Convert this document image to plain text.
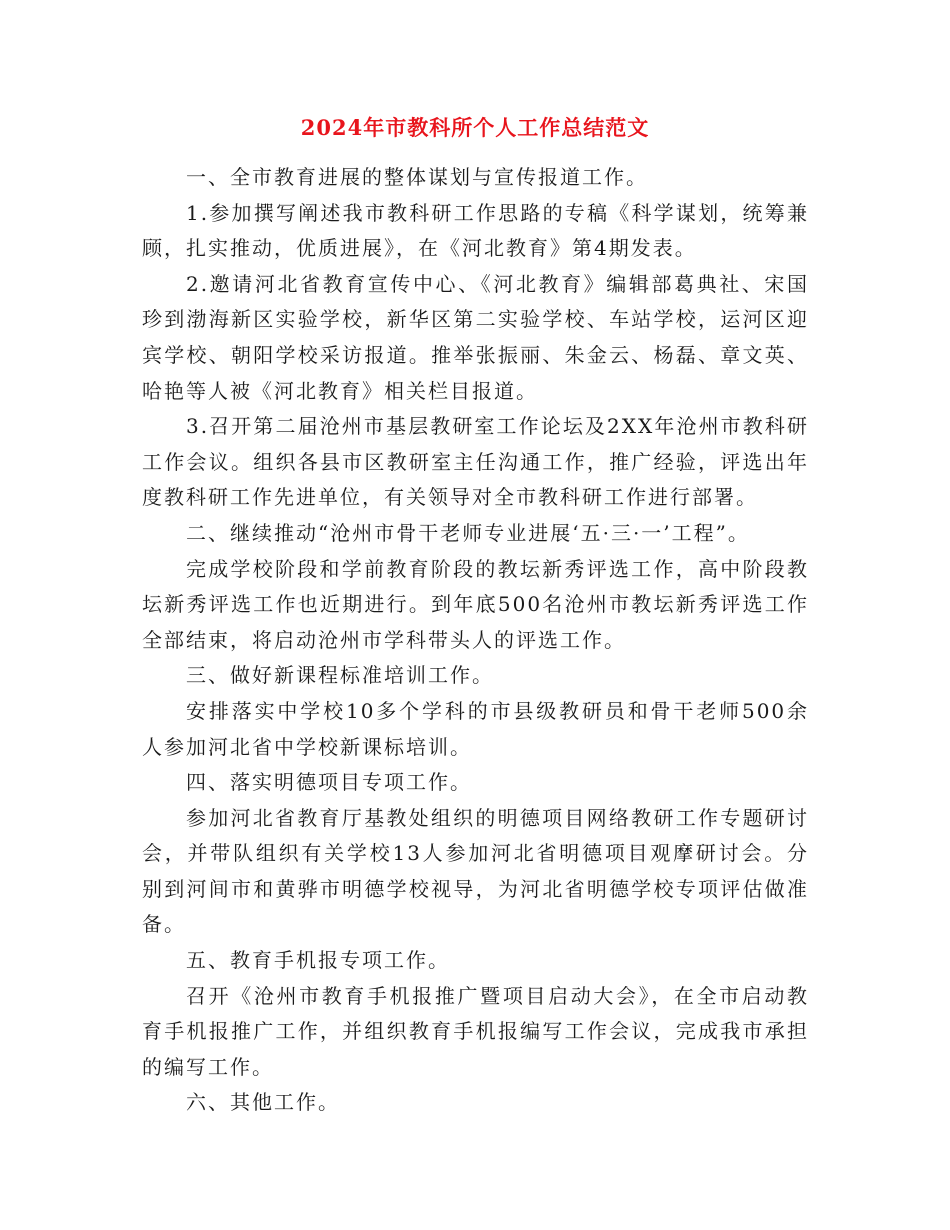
2024年市教科所个人工作总结范文

一、全市教育进展的整体谋划与宣传报道工作。

1.参加撰写阐述我市教科研工作思路的专稿《科学谋划，统筹兼顾，扎实推动，优质进展》，在《河北教育》第4期发表。

2.邀请河北省教育宣传中心、《河北教育》编辑部葛典社、宋国珍到渤海新区实验学校，新华区第二实验学校、车站学校，运河区迎宾学校、朝阳学校采访报道。推举张振丽、朱金云、杨磊、章文英、哈艳等人被《河北教育》相关栏目报道。

3.召开第二届沧州市基层教研室工作论坛及2XX年沧州市教科研工作会议。组织各县市区教研室主任沟通工作，推广经验，评选出年度教科研工作先进单位，有关领导对全市教科研工作进行部署。

二、继续推动“沧州市骨干老师专业进展‘五·三·一’工程”。

完成学校阶段和学前教育阶段的教坛新秀评选工作，高中阶段教坛新秀评选工作也近期进行。到年底500名沧州市教坛新秀评选工作全部结束，将启动沧州市学科带头人的评选工作。

三、做好新课程标准培训工作。

安排落实中学校10多个学科的市县级教研员和骨干老师500余人参加河北省中学校新课标培训。

四、落实明德项目专项工作。

参加河北省教育厅基教处组织的明德项目网络教研工作专题研讨会，并带队组织有关学校13人参加河北省明德项目观摩研讨会。分别到河间市和黄骅市明德学校视导，为河北省明德学校专项评估做准备。

五、教育手机报专项工作。

召开《沧州市教育手机报推广暨项目启动大会》，在全市启动教育手机报推广工作，并组织教育手机报编写工作会议，完成我市承担的编写工作。

六、其他工作。
